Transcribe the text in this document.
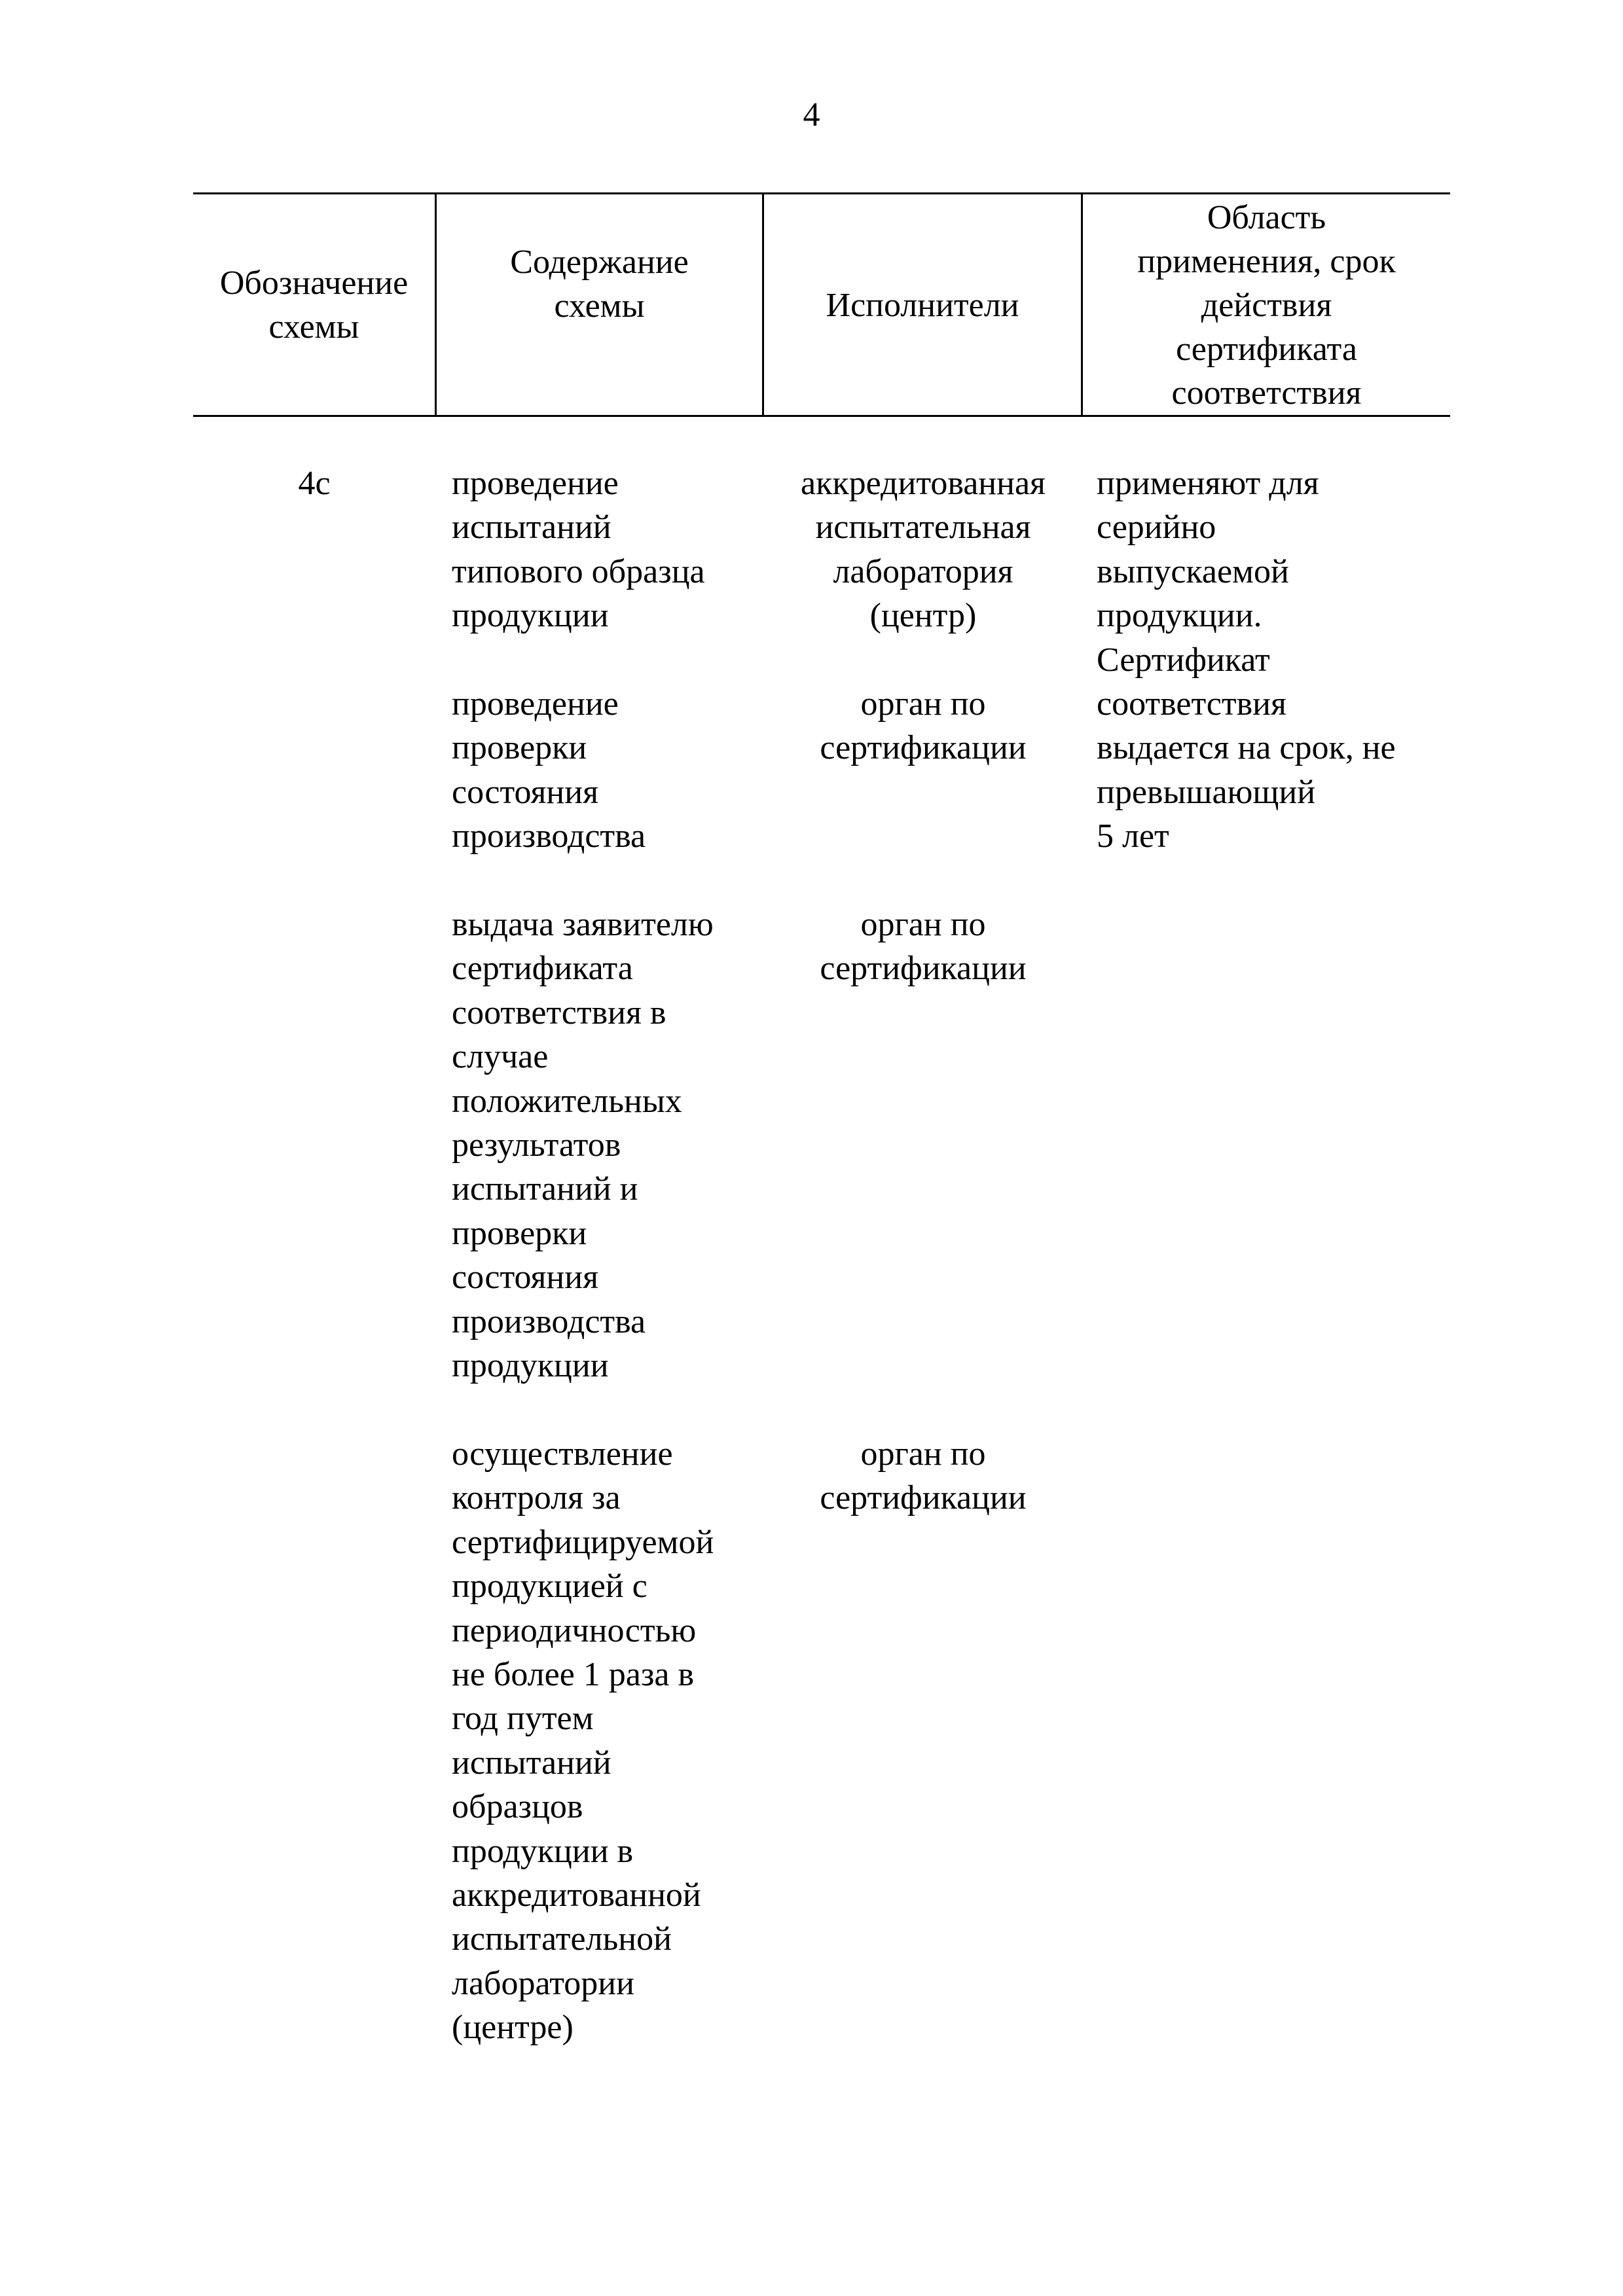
4
Обозначение
схемы
Содержание
схемы	Исполнители
Область
применения, срок
действия
сертификата
соответствия
4с	проведение
испытаний
типового образца
продукции
проведение
проверки
состояния
производства
выдача заявителю
сертификата
соответствия в
случае
положительных
результатов
испытаний и
проверки
состояния
производства
продукции
осуществление
контроля за
сертифицируемой
продукцией с
периодичностью
не более 1 раза в
год путем
испытаний
образцов
продукции в
аккредитованной
испытательной
лаборатории
(центре)
аккредитованная
испытательная
лаборатория
(центр)
орган по
сертификации
орган по
сертификации
орган по
сертификации
применяют для
серийно
выпускаемой
продукции.
Сертификат
соответствия
выдается на срок, не
превышающий
5 лет
